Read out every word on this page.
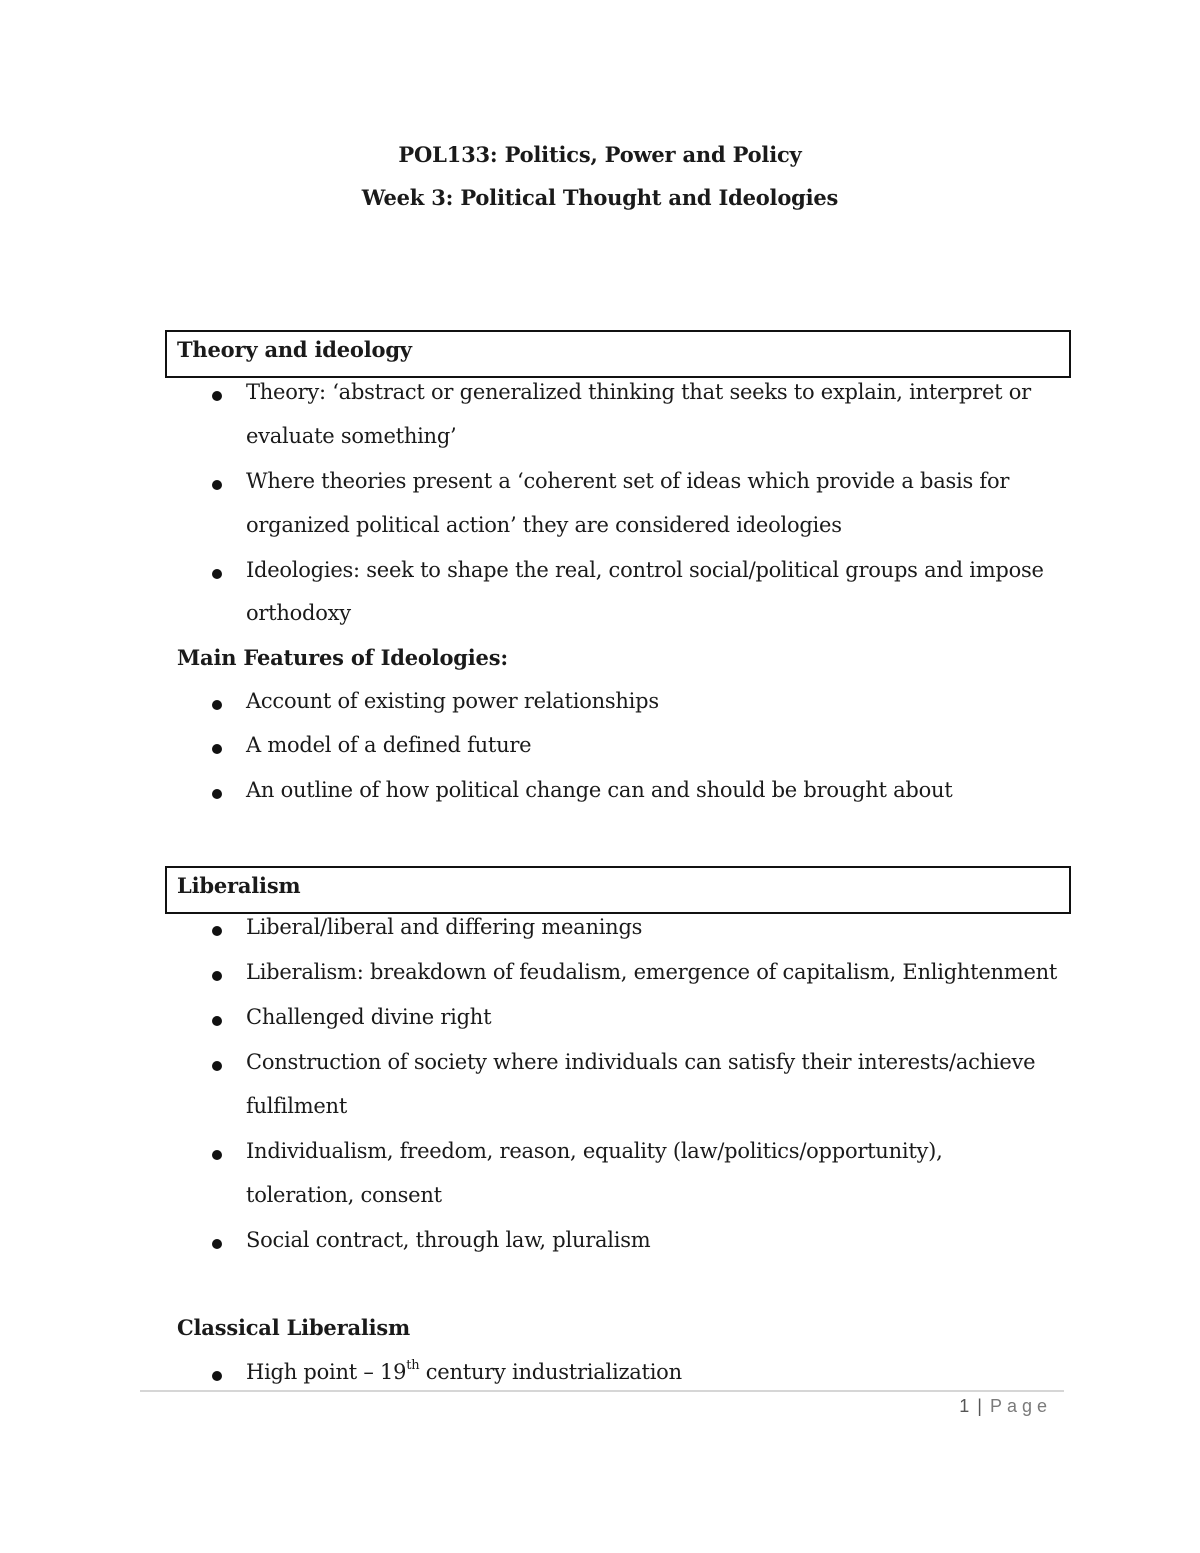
POL133: Politics, Power and Policy
Week 3: Political Thought and Ideologies
Theory and ideology
Theory: ‘abstract or generalized thinking that seeks to explain, interpret or
evaluate something’
Where theories present a ‘coherent set of ideas which provide a basis for
organized political action’ they are considered ideologies
Ideologies: seek to shape the real, control social/political groups and impose
orthodoxy
Main Features of Ideologies:
Account of existing power relationships
A model of a defined future
An outline of how political change can and should be brought about
Liberalism
Liberal/liberal and differing meanings
Liberalism: breakdown of feudalism, emergence of capitalism, Enlightenment
Challenged divine right
Construction of society where individuals can satisfy their interests/achieve
fulfilment
Individualism, freedom, reason, equality (law/politics/opportunity),
toleration, consent
Social contract, through law, pluralism
Classical Liberalism
High point – 19th century industrialization
1 | Page
